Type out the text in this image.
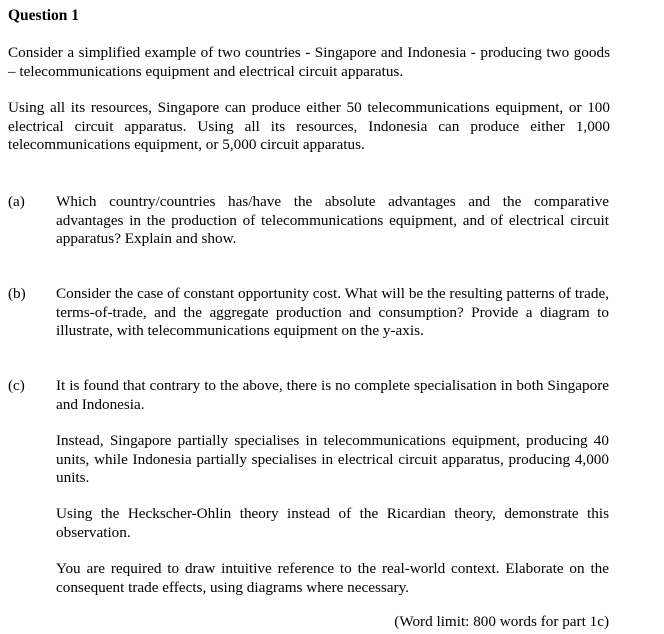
Question 1
Consider a simplified example of two countries - Singapore and Indonesia - producing two goods – telecommunications equipment and electrical circuit apparatus.
Using all its resources, Singapore can produce either 50 telecommunications equipment, or 100 electrical circuit apparatus. Using all its resources, Indonesia can produce either 1,000 telecommunications equipment, or 5,000 circuit apparatus.
(a)	Which country/countries has/have the absolute advantages and the comparative advantages in the production of telecommunications equipment, and of electrical circuit apparatus? Explain and show.
(b)	Consider the case of constant opportunity cost. What will be the resulting patterns of trade, terms-of-trade, and the aggregate production and consumption? Provide a diagram to illustrate, with telecommunications equipment on the y-axis.
(c)	It is found that contrary to the above, there is no complete specialisation in both Singapore and Indonesia.
Instead, Singapore partially specialises in telecommunications equipment, producing 40 units, while Indonesia partially specialises in electrical circuit apparatus, producing 4,000 units.
Using the Heckscher-Ohlin theory instead of the Ricardian theory, demonstrate this observation.
You are required to draw intuitive reference to the real-world context. Elaborate on the consequent trade effects, using diagrams where necessary.
(Word limit: 800 words for part 1c)
